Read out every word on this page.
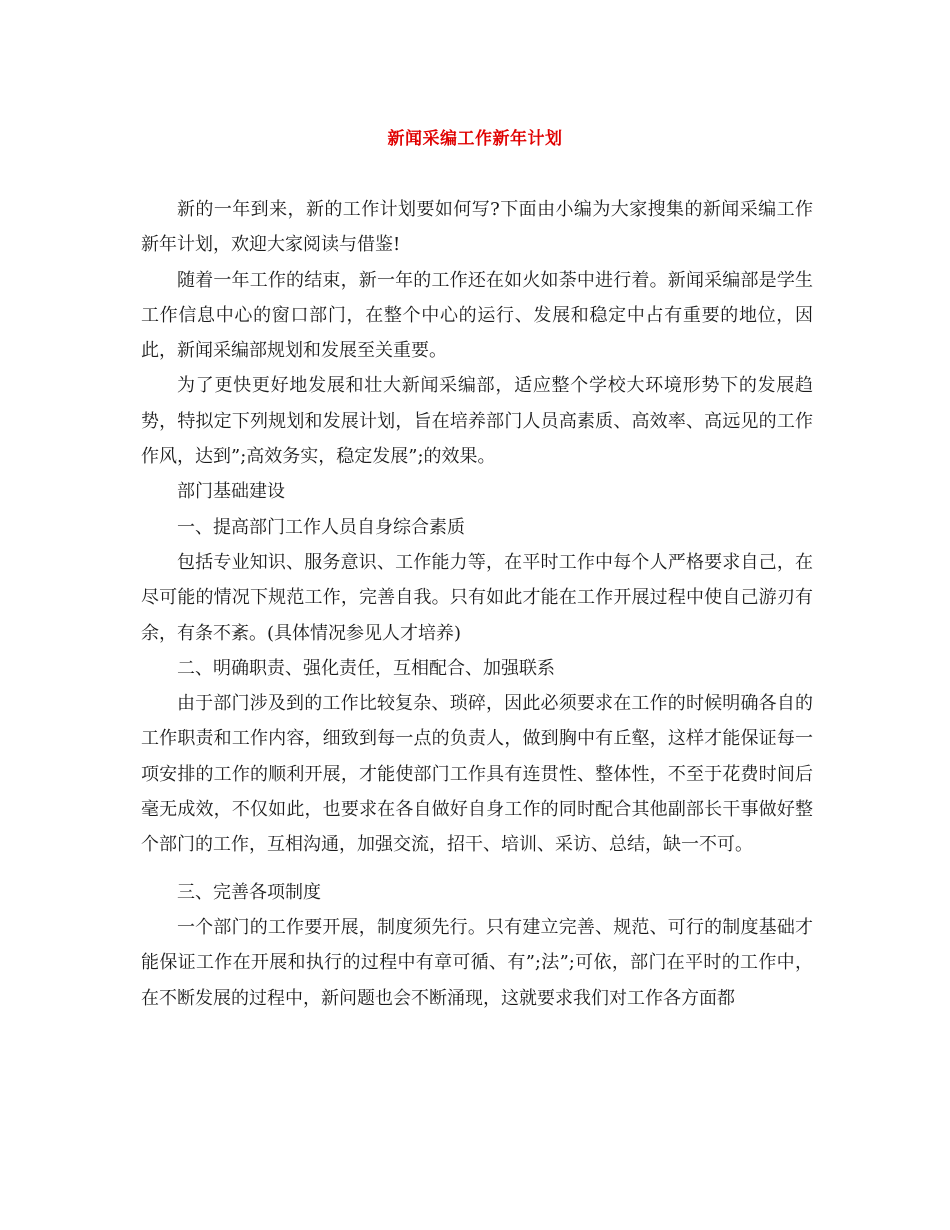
新闻采编工作新年计划

新的一年到来，新的工作计划要如何写?下面由小编为大家搜集的新闻采编工作新年计划，欢迎大家阅读与借鉴!

随着一年工作的结束，新一年的工作还在如火如荼中进行着。新闻采编部是学生工作信息中心的窗口部门，在整个中心的运行、发展和稳定中占有重要的地位，因此，新闻采编部规划和发展至关重要。

为了更快更好地发展和壮大新闻采编部，适应整个学校大环境形势下的发展趋势，特拟定下列规划和发展计划，旨在培养部门人员高素质、高效率、高远见的工作作风，达到”;高效务实，稳定发展”;的效果。

部门基础建设

一、提高部门工作人员自身综合素质

包括专业知识、服务意识、工作能力等，在平时工作中每个人严格要求自己，在尽可能的情况下规范工作，完善自我。只有如此才能在工作开展过程中使自己游刃有余，有条不紊。(具体情况参见人才培养)

二、明确职责、强化责任，互相配合、加强联系

由于部门涉及到的工作比较复杂、琐碎，因此必须要求在工作的时候明确各自的工作职责和工作内容，细致到每一点的负责人，做到胸中有丘壑，这样才能保证每一项安排的工作的顺利开展，才能使部门工作具有连贯性、整体性，不至于花费时间后毫无成效，不仅如此，也要求在各自做好自身工作的同时配合其他副部长干事做好整个部门的工作，互相沟通，加强交流，招干、培训、采访、总结，缺一不可。

三、完善各项制度

一个部门的工作要开展，制度须先行。只有建立完善、规范、可行的制度基础才能保证工作在开展和执行的过程中有章可循、有”;法”;可依，部门在平时的工作中，在不断发展的过程中，新问题也会不断涌现，这就要求我们对工作各方面都
